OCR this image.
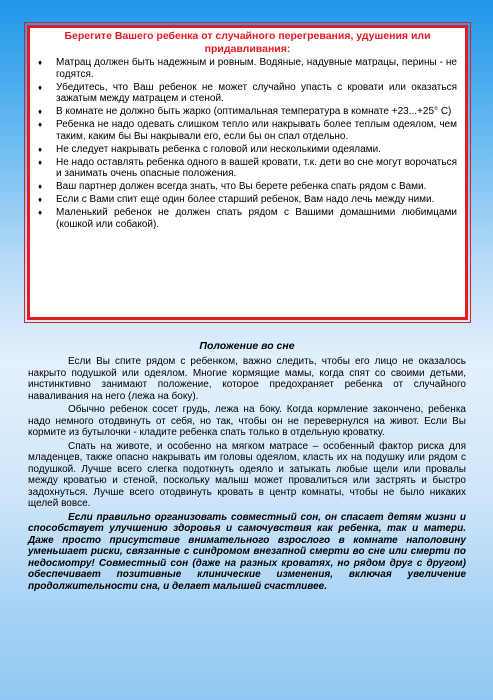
Берегите Вашего ребенка от случайного перегревания, удушения или придавливания:

♦ Матрац должен быть надежным и ровным. Водяные, надувные матрацы, перины - не годятся.
♦ Убедитесь, что Ваш ребенок не может случайно упасть с кровати или оказаться зажатым между матрацем и стеной.
♦ В комнате не должно быть жарко (оптимальная температура в комнате +23...+25° C)
♦ Ребенка не надо одевать слишком тепло или накрывать более теплым одеялом, чем таким, каким бы Вы накрывали его, если бы он спал отдельно.
♦ Не следует накрывать ребенка с головой или несколькими одеялами.
♦ Не надо оставлять ребенка одного в вашей кровати, т.к. дети во сне могут ворочаться и занимать очень опасные положения.
♦ Ваш партнер должен всегда знать, что Вы берете ребенка спать рядом с Вами.
♦ Если с Вами спит еще один более старший ребенок, Вам надо лечь между ними.
♦ Маленький ребенок не должен спать рядом с Вашими домашними любимцами (кошкой или собакой).

Положение во сне

Если Вы спите рядом с ребенком, важно следить, чтобы его лицо не оказалось накрыто подушкой или одеялом. Многие кормящие мамы, когда спят со своими детьми, инстинктивно занимают положение, которое предохраняет ребенка от случайного наваливания на него (лежа на боку).

Обычно ребенок сосет грудь, лежа на боку. Когда кормление закончено, ребенка надо немного отодвинуть от себя, но так, чтобы он не перевернулся на живот. Если Вы кормите из бутылочки - кладите ребенка спать только в отдельную кроватку.

Спать на животе, и особенно на мягком матрасе – особенный фактор риска для младенцев, также опасно накрывать им головы одеялом, класть их на подушку или рядом с подушкой. Лучше всего слегка подоткнуть одеяло и затыкать любые щели или провалы между кроватью и стеной, поскольку малыш может провалиться или застрять и быстро задохнуться. Лучше всего отодвинуть кровать в центр комнаты, чтобы не было никаких щелей вовсе.

Если правильно организовать совместный сон, он спасает детям жизни и способствует улучшению здоровья и самочувствия как ребенка, так и матери. Даже просто присутствие внимательного взрослого в комнате наполовину уменьшает риски, связанные с синдромом внезапной смерти во сне или смерти по недосмотру! Совместный сон (даже на разных кроватях, но рядом друг с другом) обеспечивает позитивные клинические изменения, включая увеличение продолжительности сна, и делает малышей счастливее.
